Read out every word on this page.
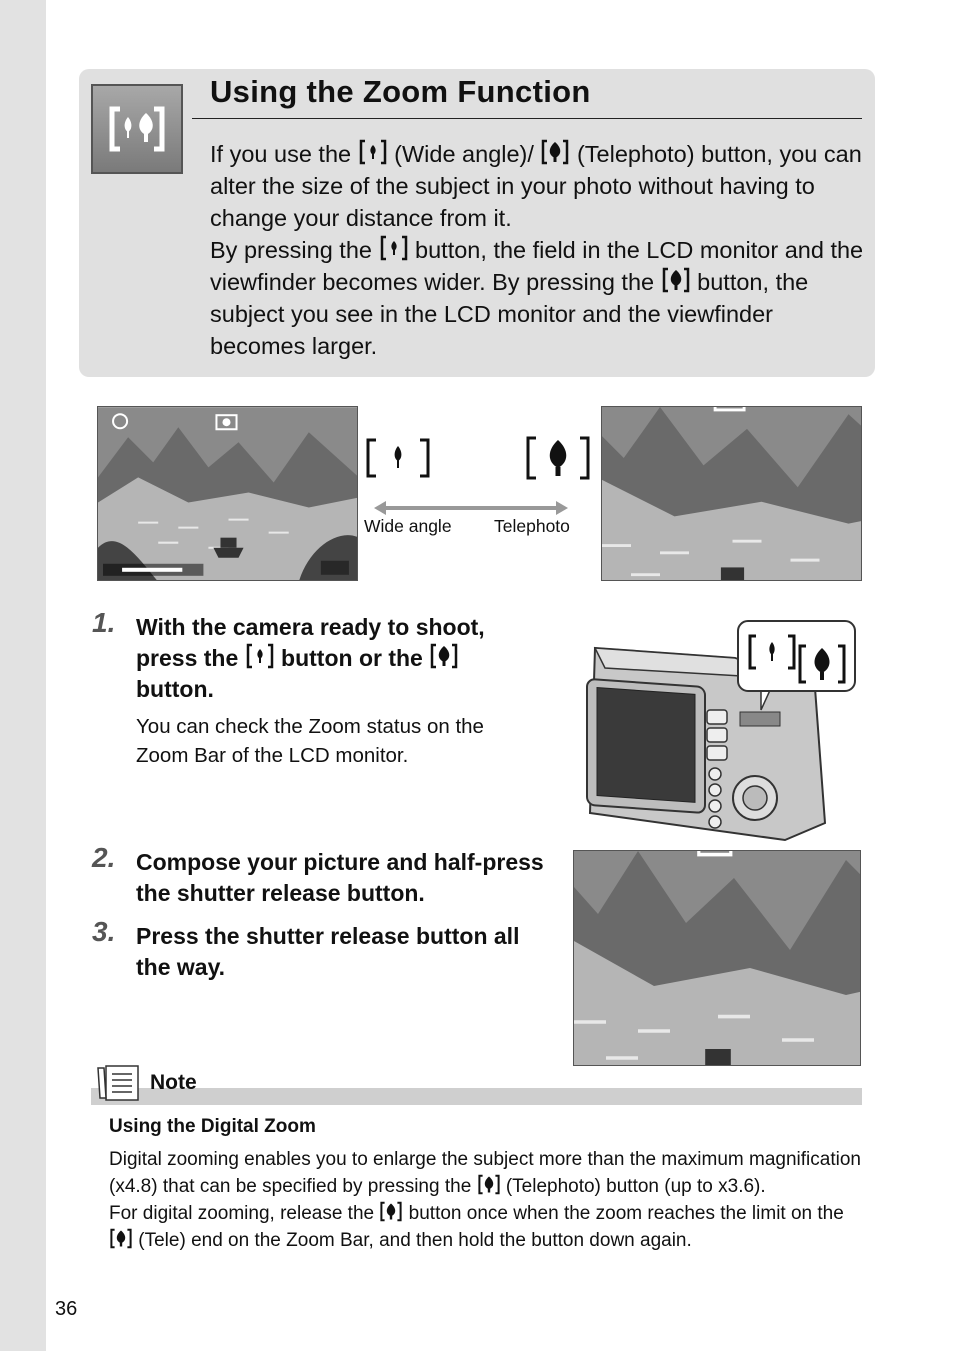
Using the Zoom Function

If you use the  (Wide angle)/  (Telephoto) button, you can alter the size of the subject in your photo without having to change your distance from it.
By pressing the  button, the field in the LCD monitor and the viewfinder becomes wider. By pressing the  button, the subject you see in the LCD monitor and the viewfinder becomes larger.

Wide angle Telephoto
1. With the camera ready to shoot, press the  button or the
button.

You can check the Zoom status on the Zoom Bar of the LCD monitor.

2. Compose your picture and half-press the shutter release button.

3. Press the shutter release button all the way.

Note
Using the Digital Zoom

Digital zooming enables you to enlarge the subject more than the maximum magnification (x4.8) that can be specified by pressing the  (Telephoto) button (up to x3.6).
For digital zooming, release the  button once when the zoom reaches the limit on the  (Tele) end on the Zoom Bar, and then hold the button down again.

36
